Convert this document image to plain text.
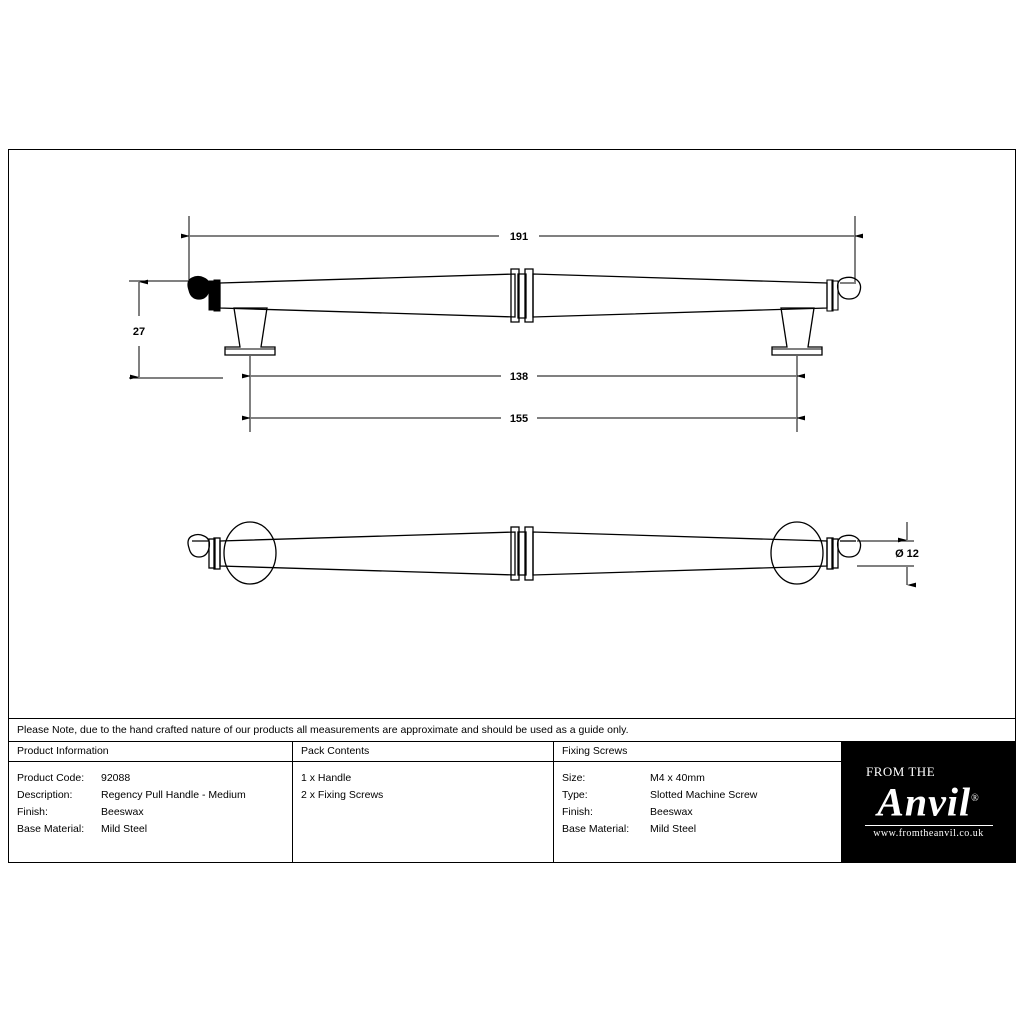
191
27
138
155
Ø 12
Please Note, due to the hand crafted nature of our products all measurements are approximate and should be used as a guide only.
Product Information
Product Code:	92088
Description:	Regency Pull Handle - Medium
Finish:	Beeswax
Base Material:	Mild Steel
Pack Contents
1 x Handle
2 x Fixing Screws
Fixing Screws
Size:	M4 x 40mm
Type:	Slotted Machine Screw
Finish:	Beeswax
Base Material:	Mild Steel
FROM THE
Anvil®
www.fromtheanvil.co.uk
